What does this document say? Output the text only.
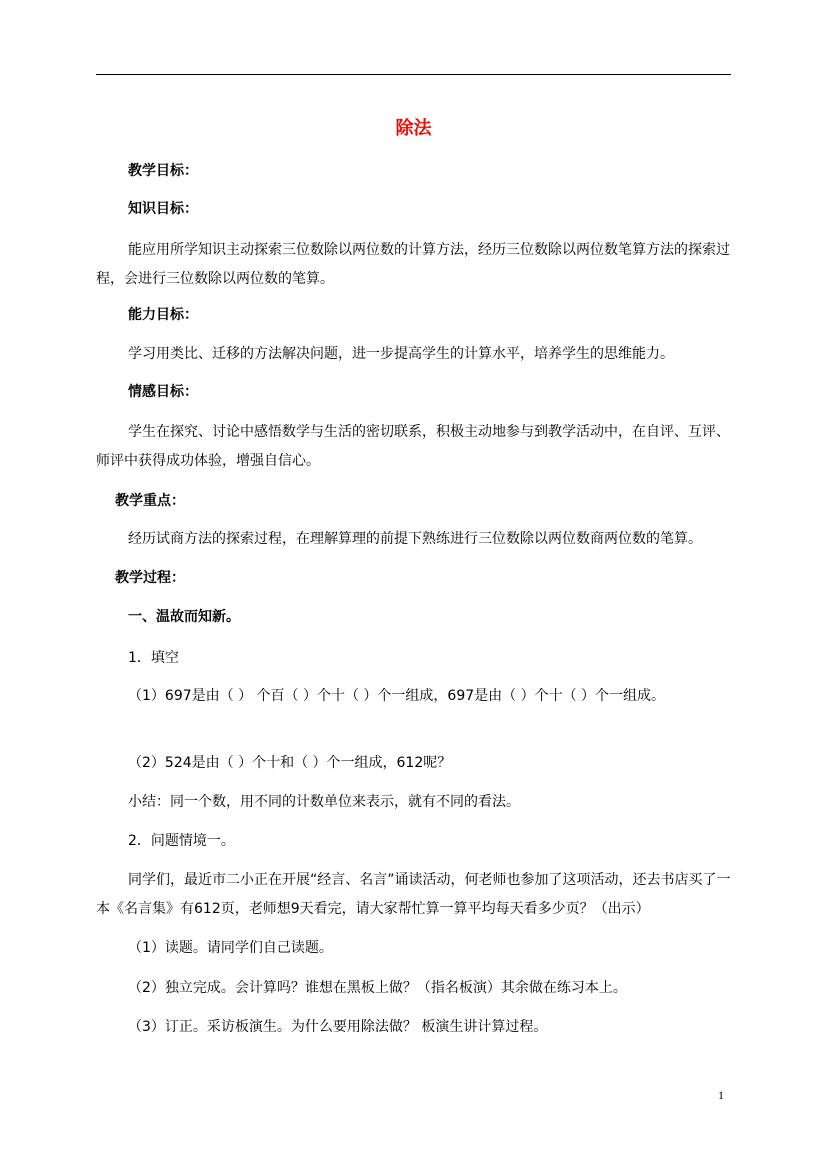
除法
教学目标：
知识目标：
能应用所学知识主动探索三位数除以两位数的计算方法，经历三位数除以两位数笔算方法的探索过程，会进行三位数除以两位数的笔算。
能力目标：
学习用类比、迁移的方法解决问题，进一步提高学生的计算水平，培养学生的思维能力。
情感目标：
学生在探究、讨论中感悟数学与生活的密切联系，积极主动地参与到教学活动中，在自评、互评、师评中获得成功体验，增强自信心。
教学重点：
经历试商方法的探索过程，在理解算理的前提下熟练进行三位数除以两位数商两位数的笔算。
教学过程：
一、温故而知新。
1．填空
（1）697是由（ ） 个百（ ）个十（ ）个一组成，697是由（ ）个十（ ）个一组成。
（2）524是由（ ）个十和（ ）个一组成，612呢？
小结：同一个数，用不同的计数单位来表示，就有不同的看法。
2．问题情境一。
同学们，最近市二小正在开展“经言、名言”诵读活动，何老师也参加了这项活动，还去书店买了一本《名言集》有612页，老师想9天看完，请大家帮忙算一算平均每天看多少页？（出示）
（1）读题。请同学们自己读题。
（2）独立完成。会计算吗？谁想在黑板上做？（指名板演）其余做在练习本上。
（3）订正。采访板演生。为什么要用除法做？ 板演生讲计算过程。
1
